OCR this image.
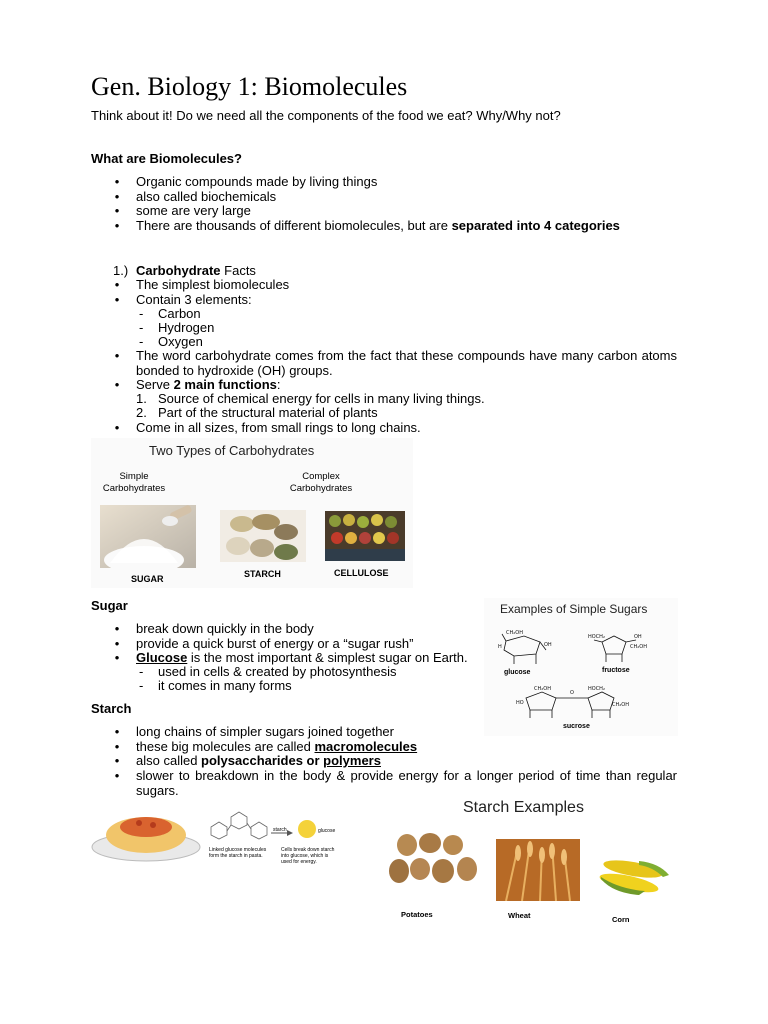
Gen. Biology 1: Biomolecules
Think about it! Do we need all the components of the food we eat? Why/Why not?
What are Biomolecules?
• Organic compounds made by living things
• also called biochemicals
• some are very large
• There are thousands of different biomolecules, but are separated into 4 categories
1.) Carbohydrate Facts
• The simplest biomolecules
• Contain 3 elements:
- Carbon
- Hydrogen
- Oxygen
• The word carbohydrate comes from the fact that these compounds have many carbon atoms bonded to hydroxide (OH) groups.
• Serve 2 main functions:
1. Source of chemical energy for cells in many living things.
2. Part of the structural material of plants
• Come in all sizes, from small rings to long chains.
Two Types of Carbohydrates
Simple
Carbohydrates
Complex
Carbohydrates
SUGAR	STARCH	CELLULOSE
Sugar
• break down quickly in the body
• provide a quick burst of energy or a “sugar rush”
• Glucose is the most important & simplest sugar on Earth.
- used in cells & created by photosynthesis
- it comes in many forms
Examples of Simple Sugars
CH₂OH
OH
H
HOCH₂	OH
CH₂OH
CH₂OH
O
HOCH₂
HO	CH₂OH
glucose	fructose
sucrose
Starch
• long chains of simpler sugars joined together
• these big molecules are called macromolecules
• also called polysaccharides or polymers
• slower to breakdown in the body & provide energy for a longer period of time than regular sugars.
starch	glucose
Linked glucose molecules form the starch in pasta.
Cells break down starch into glucose, which is used for energy.
Starch Examples
Potatoes	Wheat	Corn
